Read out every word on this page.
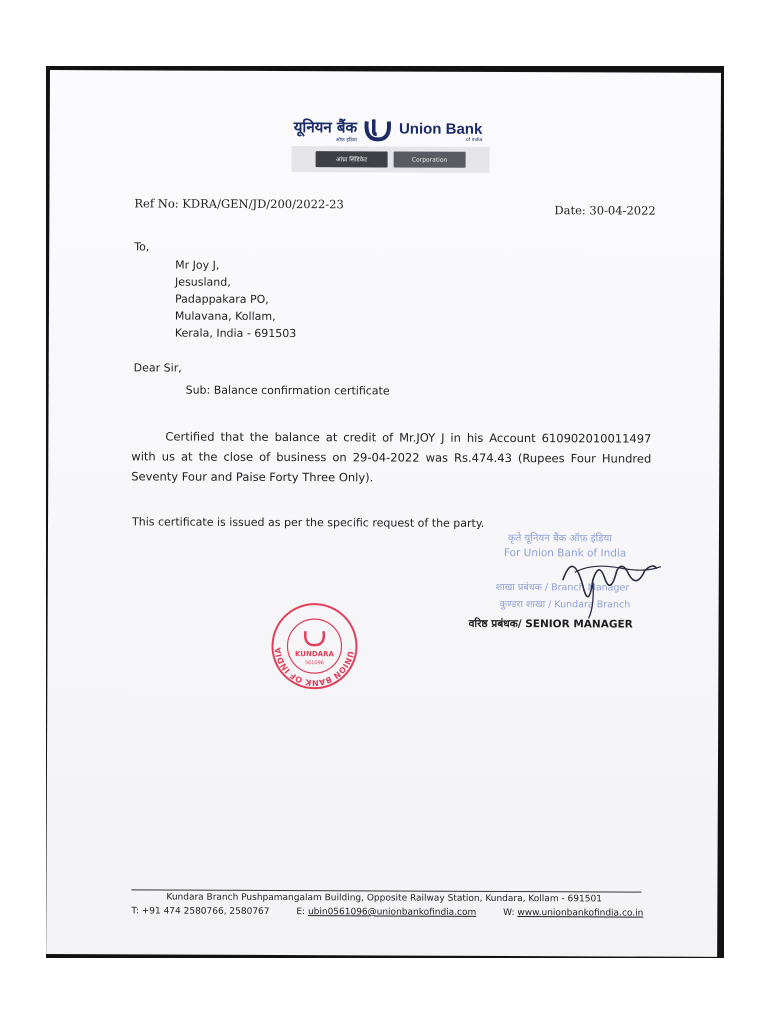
यूनियन बैंक
ऑफ़ इंडिया
Union Bank
of India
आंध्रा सिंडिकेट	Corporation
Ref No: KDRA/GEN/JD/200/2022-23	Date: 30-04-2022
To,
Mr Joy J,
Jesusland,
Padappakara PO,
Mulavana, Kollam,
Kerala, India - 691503
Dear Sir,
Sub: Balance confirmation certificate
Certified that the balance at credit of Mr.JOY J in his Account 610902010011497 with us at the close of business on 29-04-2022 was Rs.474.43 (Rupees Four Hundred Seventy Four and Paise Forty Three Only).
This certificate is issued as per the specific request of the party.
कृते यूनियन बैंक ऑफ़ इंडिया
For Union Bank of India
शाखा प्रबंधक / Branch Manager
कुण्डरा शाखा / Kundara Branch
वरिष्ठ प्रबंधक/ SENIOR MANAGER
UNION BANK OF INDIA	KUNDARA
561096
Kundara Branch Pushpamangalam Building, Opposite Railway Station, Kundara, Kollam - 691501
T: +91 474 2580766, 2580767	E: ubin0561096@unionbankofindia.com	W: www.unionbankofindia.co.in
